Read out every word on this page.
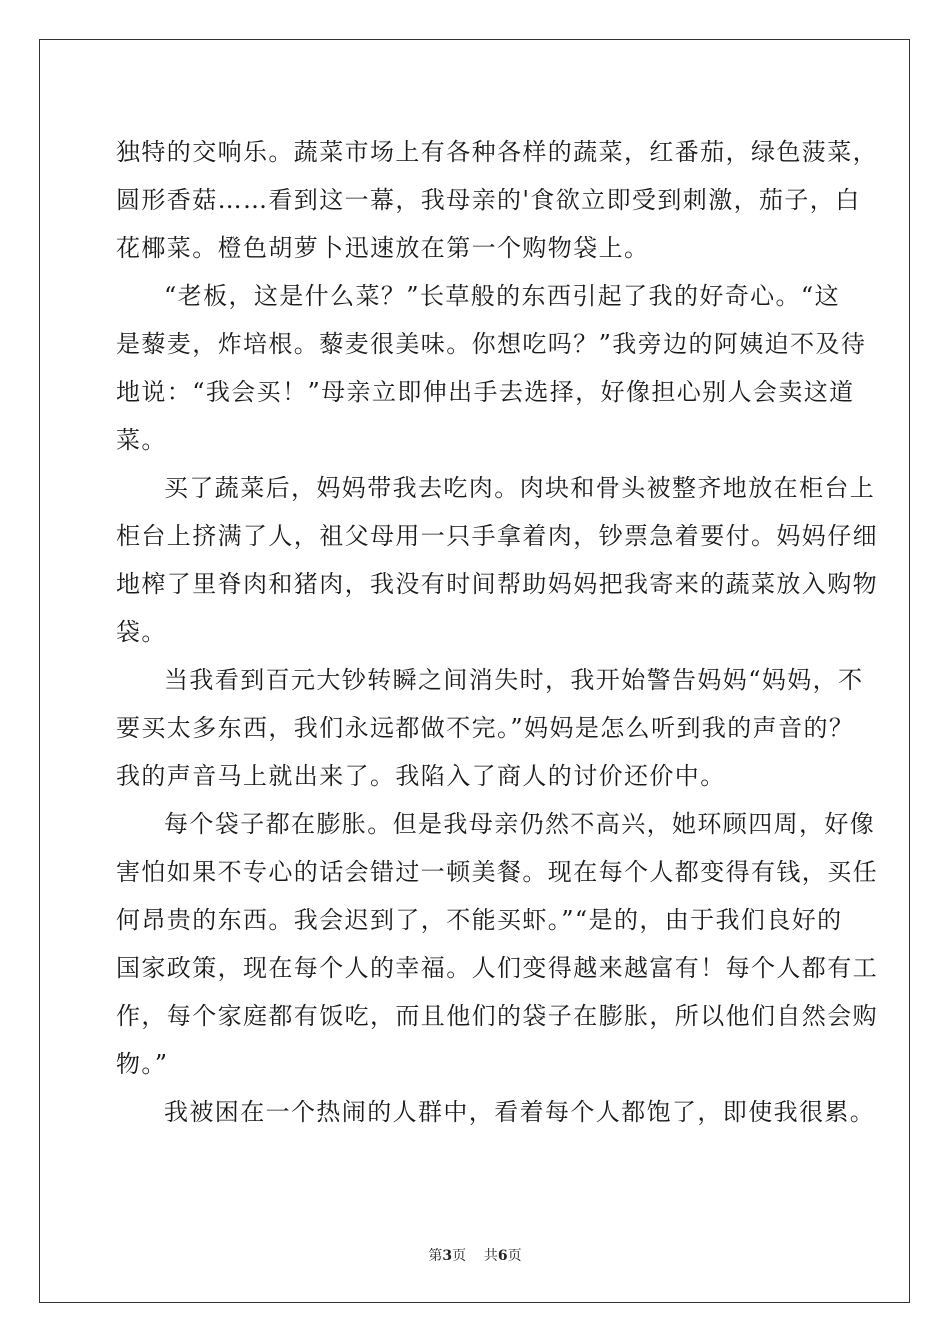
独特的交响乐。蔬菜市场上有各种各样的蔬菜，红番茄，绿色菠菜，
圆形香菇……看到这一幕，我母亲的'食欲立即受到刺激，茄子，白
花椰菜。橙色胡萝卜迅速放在第一个购物袋上。
“老板，这是什么菜？”长草般的东西引起了我的好奇心。“这
是藜麦，炸培根。藜麦很美味。你想吃吗？”我旁边的阿姨迫不及待
地说：“我会买！”母亲立即伸出手去选择，好像担心别人会卖这道
菜。
买了蔬菜后，妈妈带我去吃肉。肉块和骨头被整齐地放在柜台上
柜台上挤满了人，祖父母用一只手拿着肉，钞票急着要付。妈妈仔细
地榨了里脊肉和猪肉，我没有时间帮助妈妈把我寄来的蔬菜放入购物
袋。
当我看到百元大钞转瞬之间消失时，我开始警告妈妈“妈妈，不
要买太多东西，我们永远都做不完。”妈妈是怎么听到我的声音的？
我的声音马上就出来了。我陷入了商人的讨价还价中。
每个袋子都在膨胀。但是我母亲仍然不高兴，她环顾四周，好像
害怕如果不专心的话会错过一顿美餐。现在每个人都变得有钱，买任
何昂贵的东西。我会迟到了，不能买虾。”“是的，由于我们良好的
国家政策，现在每个人的幸福。人们变得越来越富有！每个人都有工
作，每个家庭都有饭吃，而且他们的袋子在膨胀，所以他们自然会购
物。”
我被困在一个热闹的人群中，看着每个人都饱了，即使我很累。
第3页 共6页
